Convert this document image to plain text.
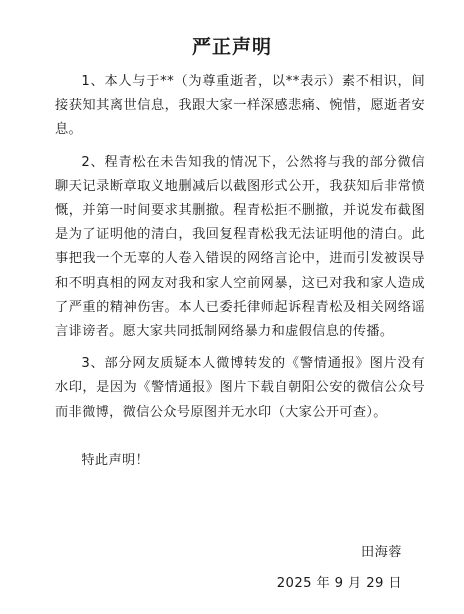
严正声明

1、本人与于**（为尊重逝者，以**表示）素不相识，间接获知其离世信息，我跟大家一样深感悲痛、惋惜，愿逝者安息。

2、程青松在未告知我的情况下，公然将与我的部分微信聊天记录断章取义地删减后以截图形式公开，我获知后非常愤慨，并第一时间要求其删撤。程青松拒不删撤，并说发布截图是为了证明他的清白，我回复程青松我无法证明他的清白。此事把我一个无辜的人卷入错误的网络言论中，进而引发被误导和不明真相的网友对我和家人空前网暴，这已对我和家人造成了严重的精神伤害。本人已委托律师起诉程青松及相关网络谣言诽谤者。愿大家共同抵制网络暴力和虚假信息的传播。

3、部分网友质疑本人微博转发的《警情通报》图片没有水印，是因为《警情通报》图片下载自朝阳公安的微信公众号而非微博，微信公众号原图并无水印（大家公开可查）。

特此声明！

田海蓉
2025 年 9 月 29 日
